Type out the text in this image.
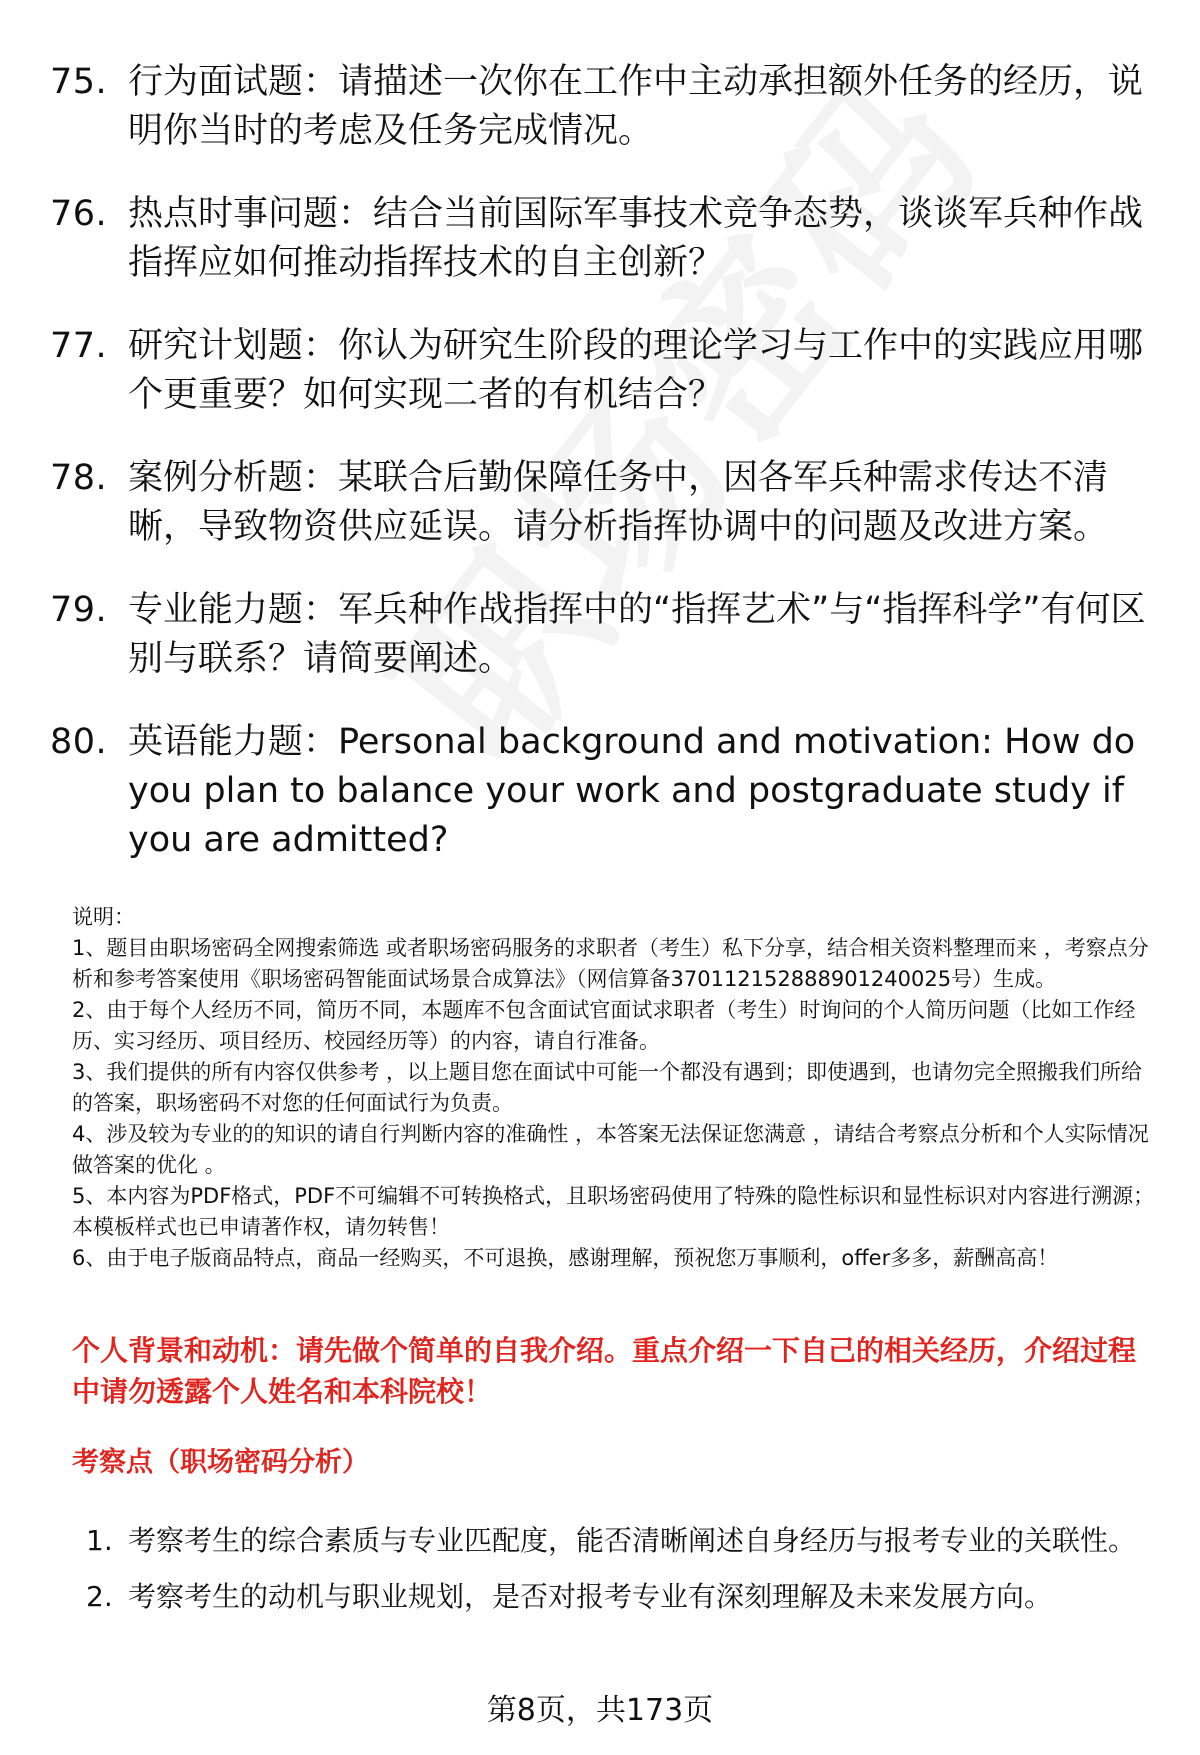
75. 行为面试题：请描述一次你在工作中主动承担额外任务的经历，说明你当时的考虑及任务完成情况。
76. 热点时事问题：结合当前国际军事技术竞争态势，谈谈军兵种作战指挥应如何推动指挥技术的自主创新？
77. 研究计划题：你认为研究生阶段的理论学习与工作中的实践应用哪个更重要？如何实现二者的有机结合？
78. 案例分析题：某联合后勤保障任务中，因各军兵种需求传达不清晰，导致物资供应延误。请分析指挥协调中的问题及改进方案。
79. 专业能力题：军兵种作战指挥中的“指挥艺术”与“指挥科学”有何区别与联系？请简要阐述。
80. 英语能力题：Personal background and motivation: How do you plan to balance your work and postgraduate study if you are admitted?

说明：

1、题目由职场密码全网搜索筛选 或者职场密码服务的求职者（考生）私下分享，结合相关资料整理而来 ，考察点分析和参考答案使用《职场密码智能面试场景合成算法》（网信算备370112152888901240025号）生成。

2、由于每个人经历不同，简历不同，本题库不包含面试官面试求职者（考生）时询问的个人简历问题（比如工作经历、实习经历、项目经历、校园经历等）的内容，请自行准备。

3、我们提供的所有内容仅供参考 ，以上题目您在面试中可能一个都没有遇到；即使遇到，也请勿完全照搬我们所给的答案，职场密码不对您的任何面试行为负责。

4、涉及较为专业的的知识的请自行判断内容的准确性 ，本答案无法保证您满意 ，请结合考察点分析和个人实际情况做答案的优化 。

5、本内容为PDF格式，PDF不可编辑不可转换格式，且职场密码使用了特殊的隐性标识和显性标识对内容进行溯源；本模板样式也已申请著作权，请勿转售！

6、由于电子版商品特点，商品一经购买，不可退换，感谢理解，预祝您万事顺利，offer多多，薪酬高高！

个人背景和动机：请先做个简单的自我介绍。重点介绍一下自己的相关经历，介绍过程中请勿透露个人姓名和本科院校！
考察点（职场密码分析）
1. 考察考生的综合素质与专业匹配度，能否清晰阐述自身经历与报考专业的关联性。
2. 考察考生的动机与职业规划，是否对报考专业有深刻理解及未来发展方向。
第8页，共173页
